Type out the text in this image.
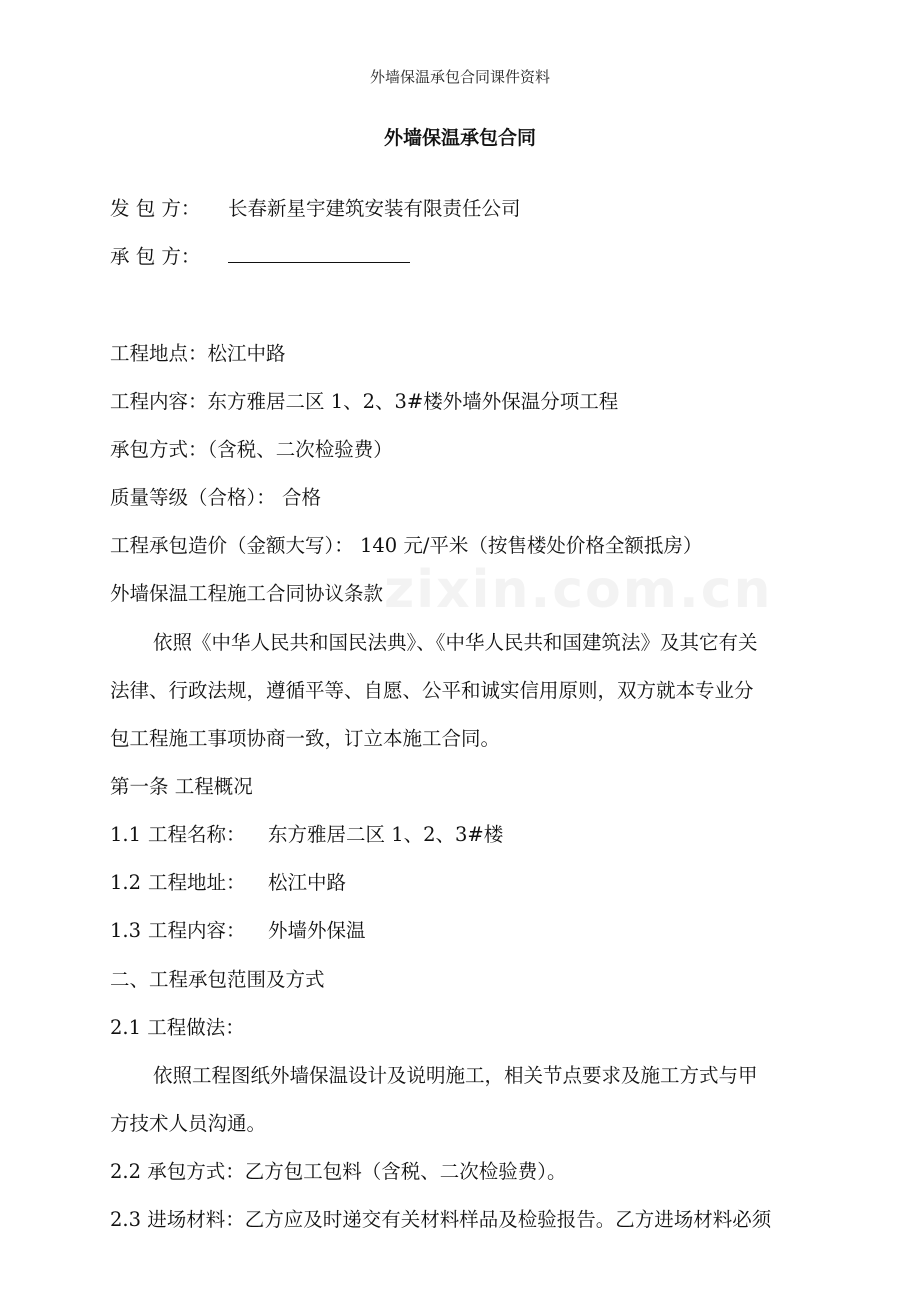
zixin.com.cn
外墙保温承包合同课件资料
外墙保温承包合同
发 包 方： 长春新星宇建筑安装有限责任公司
承 包 方：
工程地点：松江中路
工程内容：东方雅居二区 1、2、3#楼外墙外保温分项工程
承包方式：（含税、二次检验费）
质量等级（合格）： 合格
工程承包造价（金额大写）： 140 元/平米（按售楼处价格全额抵房）
外墙保温工程施工合同协议条款
依照《中华人民共和国民法典》、《中华人民共和国建筑法》及其它有关
法律、行政法规，遵循平等、自愿、公平和诚实信用原则，双方就本专业分
包工程施工事项协商一致，订立本施工合同。
第一条 工程概况
1.1 工程名称： 东方雅居二区 1、2、3#楼
1.2 工程地址： 松江中路
1.3 工程内容： 外墙外保温
二、工程承包范围及方式
2.1 工程做法：
依照工程图纸外墙保温设计及说明施工，相关节点要求及施工方式与甲
方技术人员沟通。
2.2 承包方式：乙方包工包料（含税、二次检验费）。
2.3 进场材料：乙方应及时递交有关材料样品及检验报告。乙方进场材料必须
